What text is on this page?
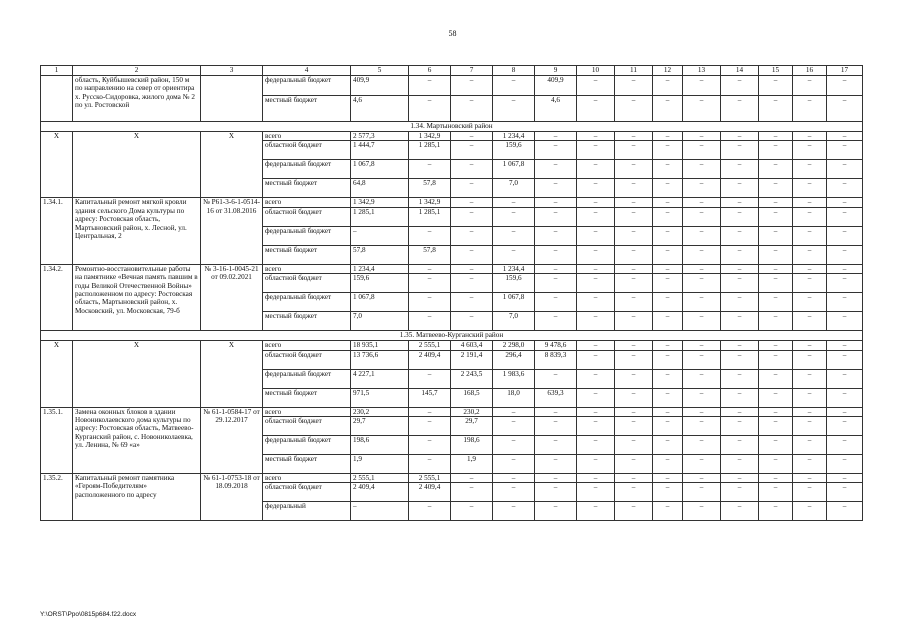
58
1	2	3	4	5	6	7	8	9	10	11	12	13	14	15	16	17
	область, Куйбышевский район, 150 м по направлению на север от ориентира х. Русско-Сидоровка, жилого дома № 2 по ул. Ростовской		федеральный бюджет	409,9	–	–	–	409,9	–	–	–	–	–	–	–	–
			местный бюджет	4,6	–	–	–	4,6	–	–	–	–	–	–	–	–
1.34. Мартыновский район																
Х	Х	Х	всего	2 577,3	1 342,9	–	1 234,4	–	–	–	–	–	–	–	–	–
			областной бюджет	1 444,7	1 285,1	–	159,6	–	–	–	–	–	–	–	–	–
			федеральный бюджет	1 067,8	–	–	1 067,8	–	–	–	–	–	–	–	–	–
			местный бюджет	64,8	57,8	–	7,0	–	–	–	–	–	–	–	–	–
1.34.1.	Капитальный ремонт мягкой кровли здания сельского Дома культуры по адресу: Ростовская область, Мартыновский район, х. Лесной, ул. Центральная, 2	№ Р61-3-6-1-0514-16 от 31.08.2016	всего	1 342,9	1 342,9	–	–	–	–	–	–	–	–	–	–	–
			областной бюджет	1 285,1	1 285,1	–	–	–	–	–	–	–	–	–	–	–
			федеральный бюджет	–	–	–	–	–	–	–	–	–	–	–	–	–
			местный бюджет	57,8	57,8	–	–	–	–	–	–	–	–	–	–	–
1.34.2.	Ремонтно-восстановительные работы на памятнике «Вечная память павшим в годы Великой Отечественной Войны» расположенном по адресу: Ростовская область, Мартыновский район, х. Московский, ул. Московская, 79-б	№ 3-16-1-0045-21 от 09.02.2021	всего	1 234,4	–	–	1 234,4	–	–	–	–	–	–	–	–	–
			областной бюджет	159,6	–	–	159,6	–	–	–	–	–	–	–	–	–
			федеральный бюджет	1 067,8	–	–	1 067,8	–	–	–	–	–	–	–	–	–
			местный бюджет	7,0	–	–	7,0	–	–	–	–	–	–	–	–	–
1.35. Матвеево-Курганский район																
Х	Х	Х	всего	18 935,1	2 555,1	4 603,4	2 298,0	9 478,6	–	–	–	–	–	–	–	–
			областной бюджет	13 736,6	2 409,4	2 191,4	296,4	8 839,3	–	–	–	–	–	–	–	–
			федеральный бюджет	4 227,1	–	2 243,5	1 983,6	–	–	–	–	–	–	–	–	–
			местный бюджет	971,5	145,7	168,5	18,0	639,3	–	–	–	–	–	–	–	–
1.35.1.	Замена оконных блоков в здании Новониколаевского дома культуры по адресу: Ростовская область, Матвеево-Курганский район, с. Новониколаевка, ул. Ленина, № 69 «а»	№ 61-1-0584-17 от 29.12.2017	всего	230,2	–	230,2	–	–	–	–	–	–	–	–	–	–
			областной бюджет	29,7	–	29,7	–	–	–	–	–	–	–	–	–	–
			федеральный бюджет	198,6	–	198,6	–	–	–	–	–	–	–	–	–	–
			местный бюджет	1,9	–	1,9	–	–	–	–	–	–	–	–	–	–
1.35.2.	Капитальный ремонт памятника «Героям-Победителям» расположенного по адресу	№ 61-1-0753-18 от 18.09.2018	всего	2 555,1	2 555,1	–	–	–	–	–	–	–	–	–	–	–
			областной бюджет	2 409,4	2 409,4	–	–	–	–	–	–	–	–	–	–	–
			федеральный	–	–	–	–	–	–	–	–	–	–	–	–	–
Y:\ORST\Ppo\0815p684.f22.docx
